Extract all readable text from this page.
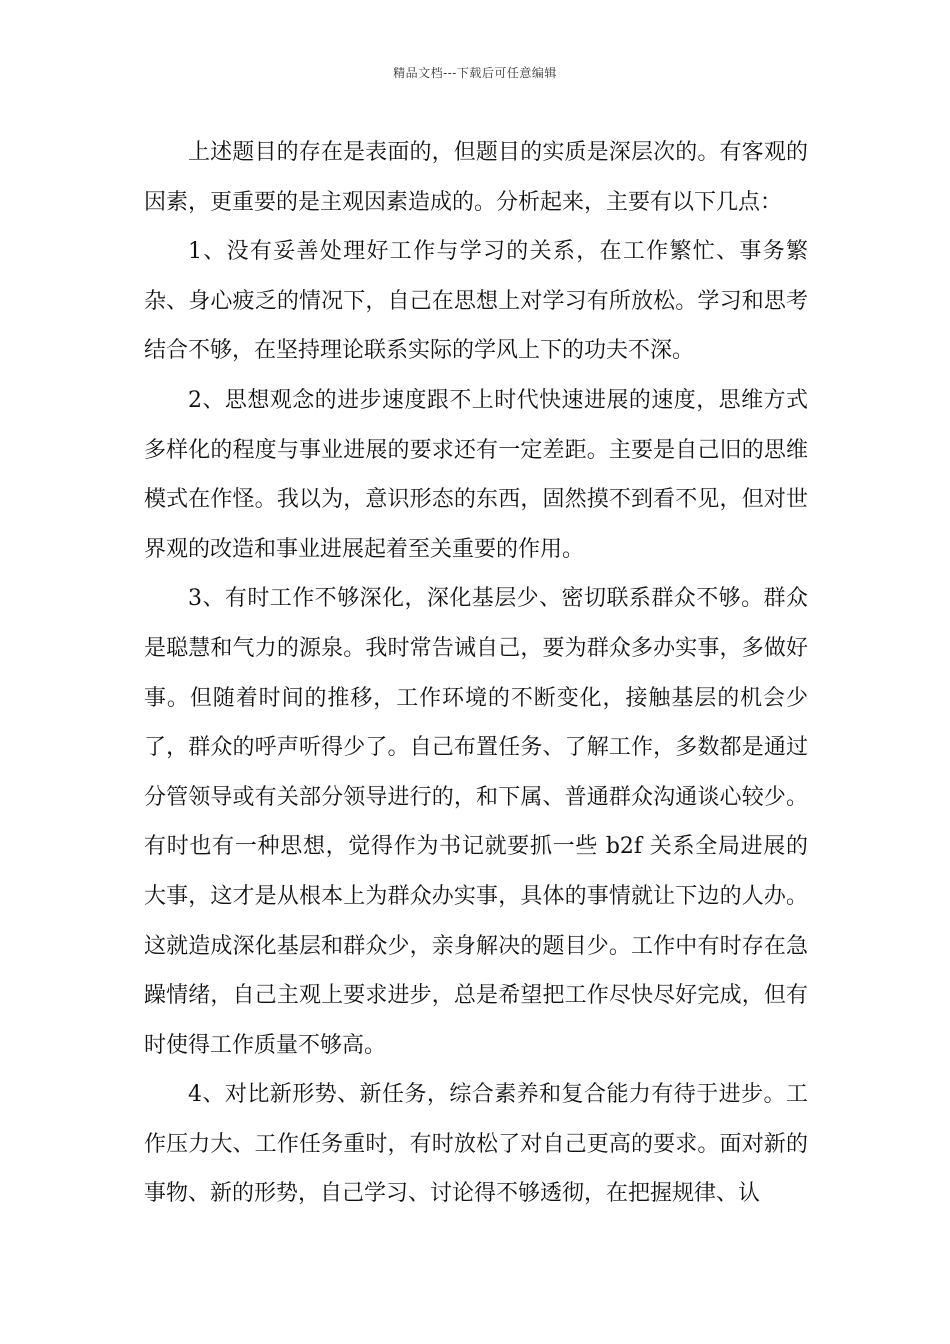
精品文档---下载后可任意编辑

上述题目的存在是表面的，但题目的实质是深层次的。有客观的因素，更重要的是主观因素造成的。分析起来，主要有以下几点：

1、没有妥善处理好工作与学习的关系，在工作繁忙、事务繁杂、身心疲乏的情况下，自己在思想上对学习有所放松。学习和思考结合不够，在坚持理论联系实际的学风上下的功夫不深。

2、思想观念的进步速度跟不上时代快速进展的速度，思维方式多样化的程度与事业进展的要求还有一定差距。主要是自己旧的思维模式在作怪。我以为，意识形态的东西，固然摸不到看不见，但对世界观的改造和事业进展起着至关重要的作用。

3、有时工作不够深化，深化基层少、密切联系群众不够。群众是聪慧和气力的源泉。我时常告诫自己，要为群众多办实事，多做好事。但随着时间的推移，工作环境的不断变化，接触基层的机会少了，群众的呼声听得少了。自己布置任务、了解工作，多数都是通过分管领导或有关部分领导进行的，和下属、普通群众沟通谈心较少。有时也有一种思想，觉得作为书记就要抓一些 b2f 关系全局进展的大事，这才是从根本上为群众办实事，具体的事情就让下边的人办。这就造成深化基层和群众少，亲身解决的题目少。工作中有时存在急躁情绪，自己主观上要求进步，总是希望把工作尽快尽好完成，但有时使得工作质量不够高。

4、对比新形势、新任务，综合素养和复合能力有待于进步。工作压力大、工作任务重时，有时放松了对自己更高的要求。面对新的事物、新的形势，自己学习、讨论得不够透彻，在把握规律、认
